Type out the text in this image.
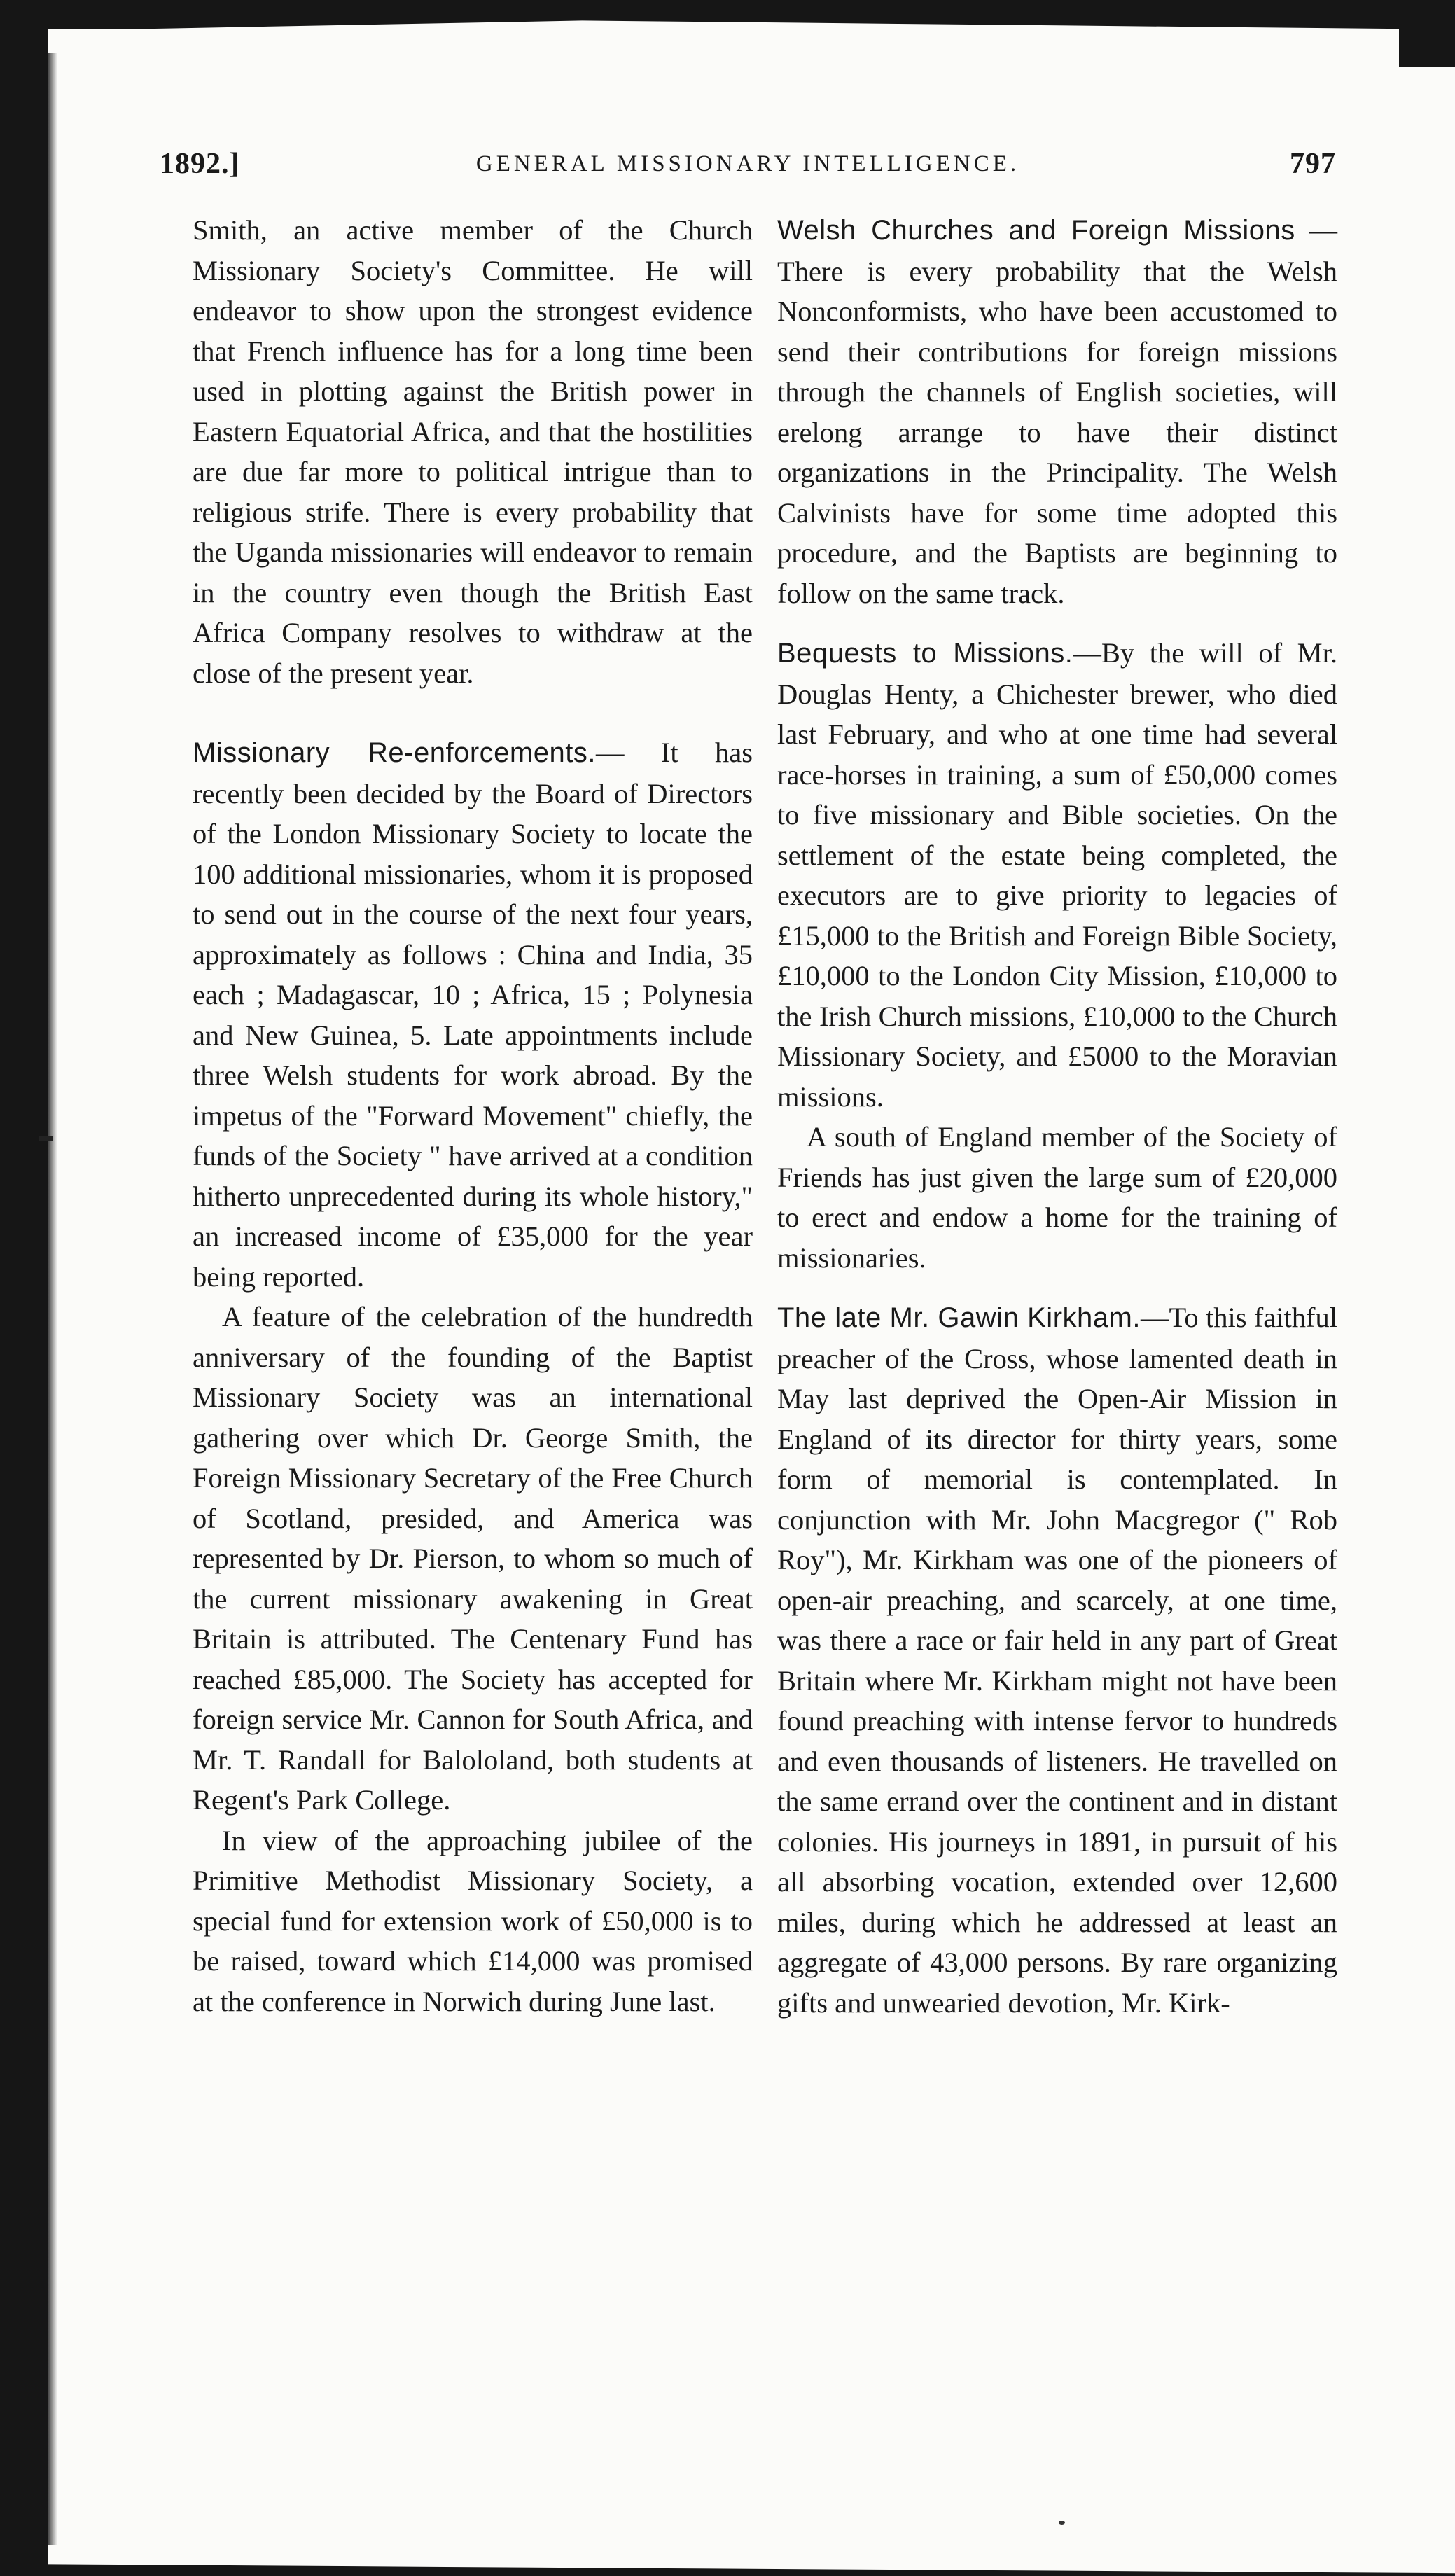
1892.]	GENERAL MISSIONARY INTELLIGENCE.	797

Smith, an active member of the Church Missionary Society's Committee. He will endeavor to show upon the strongest evidence that French influence has for a long time been used in plotting against the British power in Eastern Equatorial Africa, and that the hostilities are due far more to political intrigue than to religious strife. There is every probability that the Uganda missionaries will endeavor to remain in the country even though the British East Africa Company resolves to withdraw at the close of the present year.

Missionary Re-enforcements.— It has recently been decided by the Board of Directors of the London Missionary Society to locate the 100 additional missionaries, whom it is proposed to send out in the course of the next four years, approximately as follows : China and India, 35 each ; Madagascar, 10 ; Africa, 15 ; Polynesia and New Guinea, 5. Late appointments include three Welsh students for work abroad. By the impetus of the "Forward Movement" chiefly, the funds of the Society " have arrived at a condition hitherto unprecedented during its whole history," an increased income of £35,000 for the year being reported.

A feature of the celebration of the hundredth anniversary of the founding of the Baptist Missionary Society was an international gathering over which Dr. George Smith, the Foreign Missionary Secretary of the Free Church of Scotland, presided, and America was represented by Dr. Pierson, to whom so much of the current missionary awakening in Great Britain is attributed. The Centenary Fund has reached £85,000. The Society has accepted for foreign service Mr. Cannon for South Africa, and Mr. T. Randall for Balololand, both students at Regent's Park College.

In view of the approaching jubilee of the Primitive Methodist Missionary Society, a special fund for extension work of £50,000 is to be raised, toward which £14,000 was promised at the conference in Norwich during June last.

Welsh Churches and Foreign Missions —There is every probability that the Welsh Nonconformists, who have been accustomed to send their contributions for foreign missions through the channels of English societies, will erelong arrange to have their distinct organizations in the Principality. The Welsh Calvinists have for some time adopted this procedure, and the Baptists are beginning to follow on the same track.

Bequests to Missions.—By the will of Mr. Douglas Henty, a Chichester brewer, who died last February, and who at one time had several race-horses in training, a sum of £50,000 comes to five missionary and Bible societies. On the settlement of the estate being completed, the executors are to give priority to legacies of £15,000 to the British and Foreign Bible Society, £10,000 to the London City Mission, £10,000 to the Irish Church missions, £10,000 to the Church Missionary Society, and £5000 to the Moravian missions.

A south of England member of the Society of Friends has just given the large sum of £20,000 to erect and endow a home for the training of missionaries.

The late Mr. Gawin Kirkham.—To this faithful preacher of the Cross, whose lamented death in May last deprived the Open-Air Mission in England of its director for thirty years, some form of memorial is contemplated. In conjunction with Mr. John Macgregor (" Rob Roy"), Mr. Kirkham was one of the pioneers of open-air preaching, and scarcely, at one time, was there a race or fair held in any part of Great Britain where Mr. Kirkham might not have been found preaching with intense fervor to hundreds and even thousands of listeners. He travelled on the same errand over the continent and in distant colonies. His journeys in 1891, in pursuit of his all absorbing vocation, extended over 12,600 miles, during which he addressed at least an aggregate of 43,000 persons. By rare organizing gifts and unwearied devotion, Mr. Kirk-
